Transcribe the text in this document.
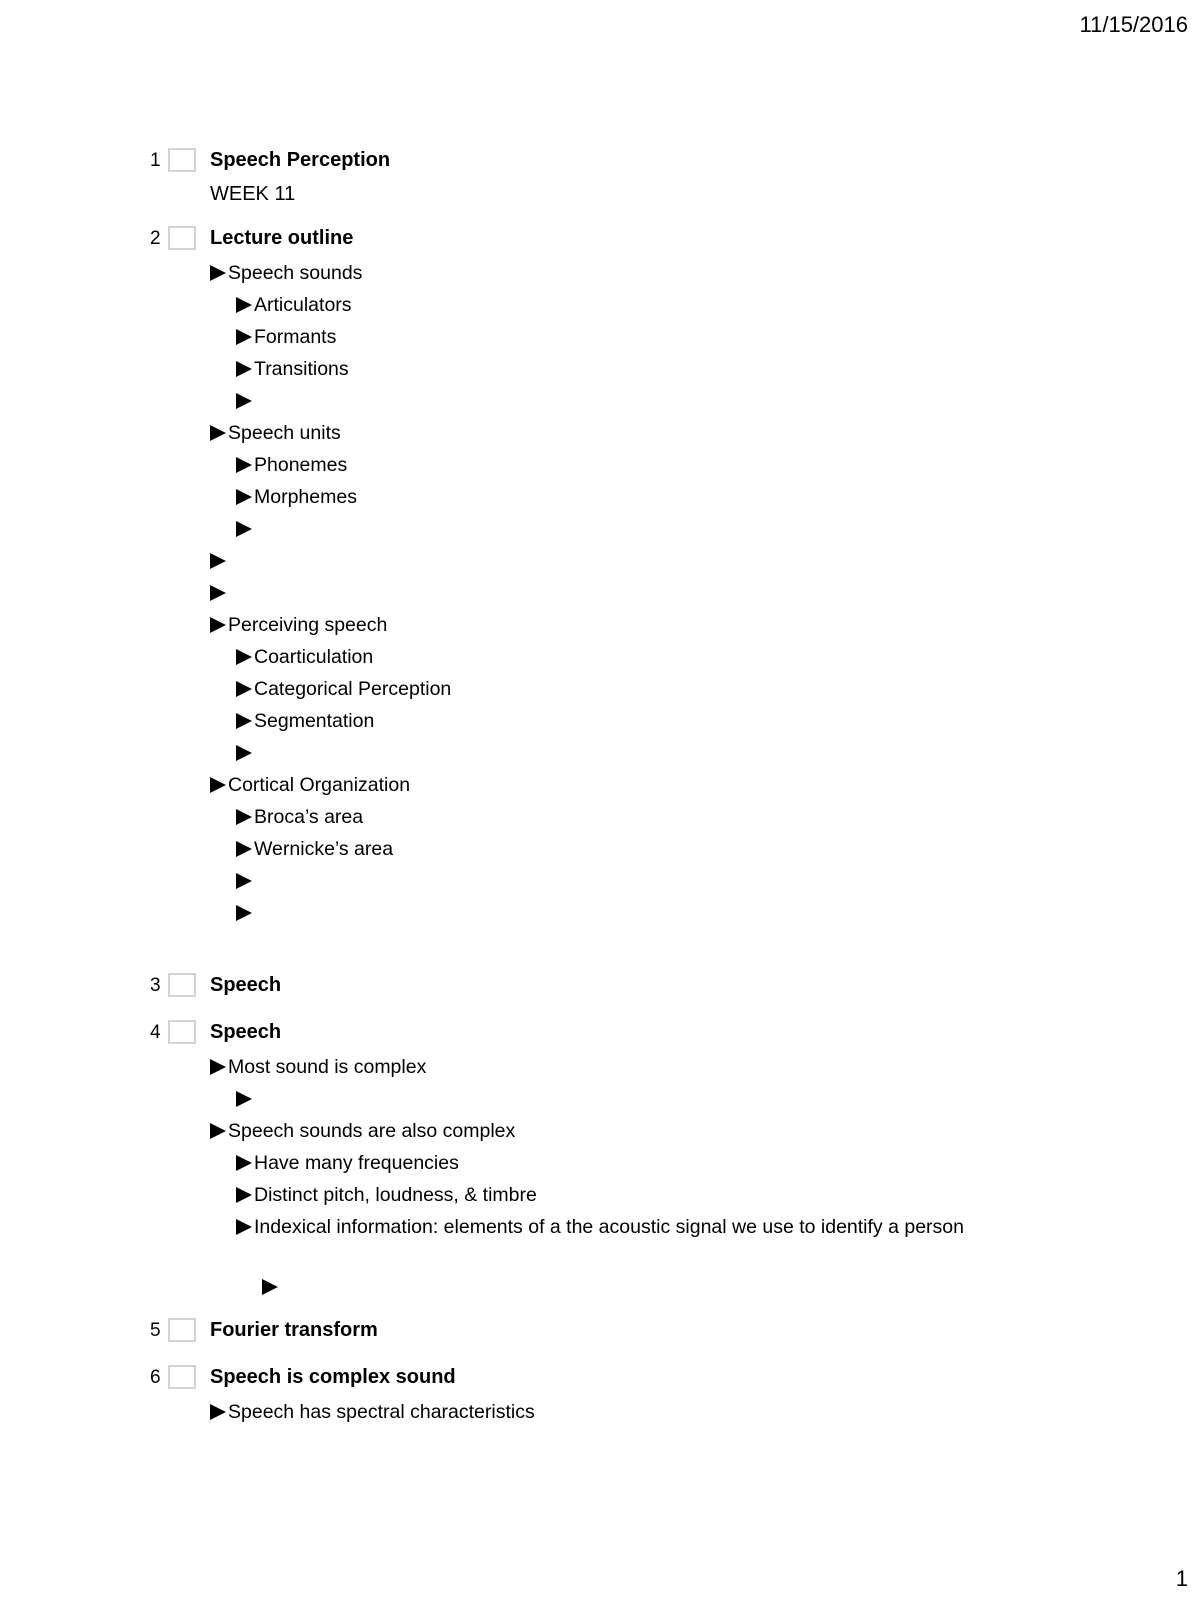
11/15/2016
1 Speech Perception
WEEK 11
2 Lecture outline
Speech sounds
Articulators
Formants
Transitions
Speech units
Phonemes
Morphemes
Perceiving speech
Coarticulation
Categorical Perception
Segmentation
Cortical Organization
Broca’s area
Wernicke’s area
3 Speech
4 Speech
Most sound is complex
Speech sounds are also complex
Have many frequencies
Distinct pitch, loudness, & timbre
Indexical information: elements of a the acoustic signal we use to identify a person
5 Fourier transform
6 Speech is complex sound
Speech has spectral characteristics
1
